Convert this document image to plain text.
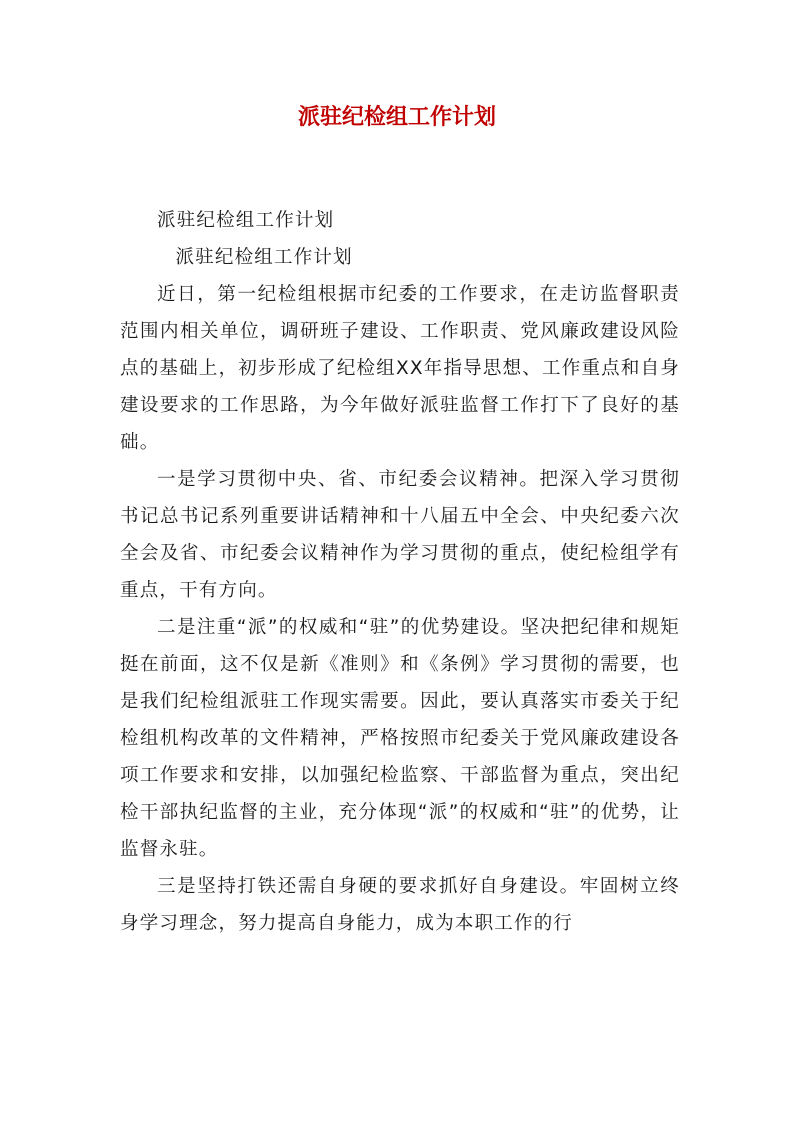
派驻纪检组工作计划

派驻纪检组工作计划

派驻纪检组工作计划

近日，第一纪检组根据市纪委的工作要求，在走访监督职责范围内相关单位，调研班子建设、工作职责、党风廉政建设风险点的基础上，初步形成了纪检组XX年指导思想、工作重点和自身建设要求的工作思路，为今年做好派驻监督工作打下了良好的基础。

一是学习贯彻中央、省、市纪委会议精神。把深入学习贯彻书记总书记系列重要讲话精神和十八届五中全会、中央纪委六次全会及省、市纪委会议精神作为学习贯彻的重点，使纪检组学有重点，干有方向。

二是注重“派”的权威和“驻”的优势建设。坚决把纪律和规矩挺在前面，这不仅是新《准则》和《条例》学习贯彻的需要，也是我们纪检组派驻工作现实需要。因此，要认真落实市委关于纪检组机构改革的文件精神，严格按照市纪委关于党风廉政建设各项工作要求和安排，以加强纪检监察、干部监督为重点，突出纪检干部执纪监督的主业，充分体现“派”的权威和“驻”的优势，让监督永驻。

三是坚持打铁还需自身硬的要求抓好自身建设。牢固树立终身学习理念，努力提高自身能力，成为本职工作的行
